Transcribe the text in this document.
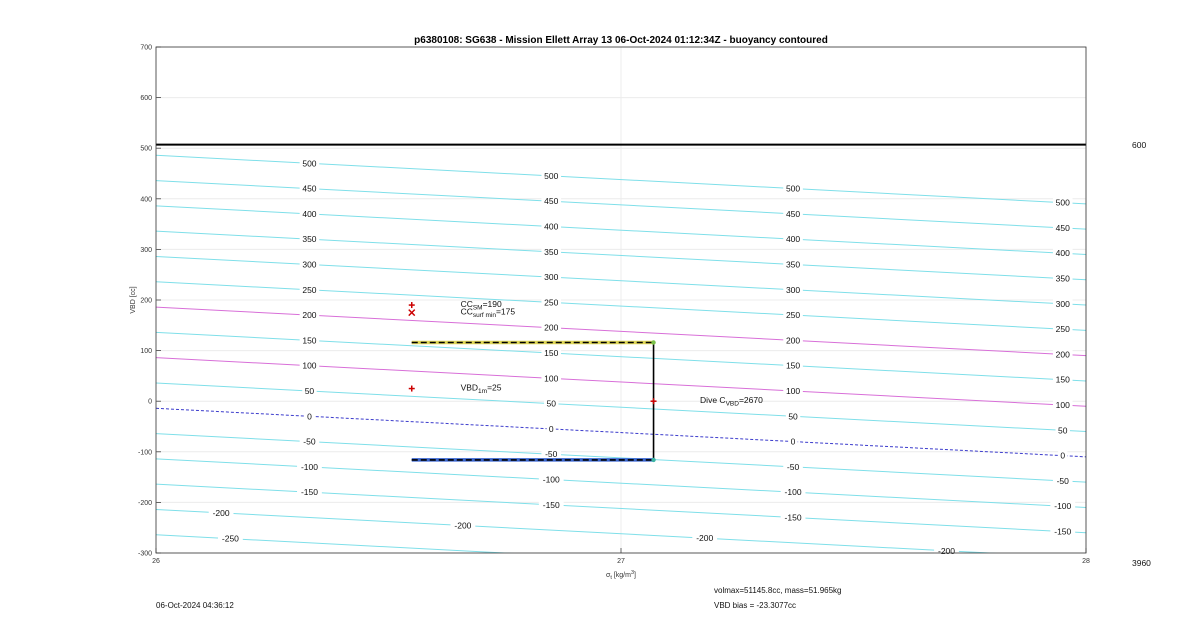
p6380108: SG638 - Mission Ellett Array 13 06-Oct-2024 01:12:34Z - buoyancy contoured
-300
-200
-100
0
100
200
300
400
500
600
700
26	27	28
-250
-200
-200
-200
-200
-150
-150
-150
-150
-100
-100
-100
-100
-50
-50
-50
-50
0
0
0
0
50
50
50
50
100
100
100
100
150
150
150
150
200
200
200
200
250
250
250
250
300
300
300
300
350
350
350
350
400
400
400
400
450
450
450
450
500
500
500
500
$CC_{SM}=190$
$CC_{surf min}=175$
$VBD_{1m}=25$
Dive $C_{VBD}=2670$
VBD [cc]
$\sigma_t$ $[kg/m^3]$
600
3960
06-Oct-2024 04:36:12
volmax=51145.8cc, mass=51.965kg
VBD bias = -23.3077cc
